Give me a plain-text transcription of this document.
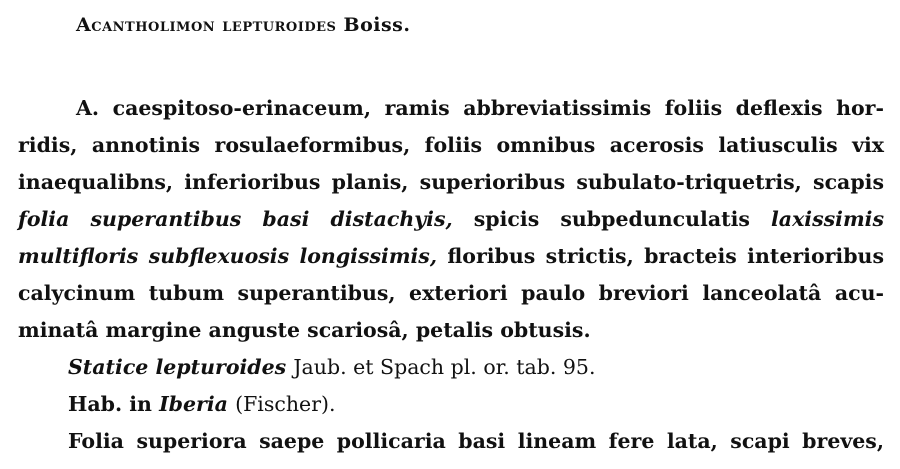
Acantholimon lepturoides Boiss.
A. caespitoso-erinaceum, ramis abbreviatissimis foliis deflexis hor-
ridis, annotinis rosulaeformibus, foliis omnibus acerosis latiusculis vix
inaequalibns, inferioribus planis, superioribus subulato-triquetris, scapis
folia superantibus basi distachyis, spicis subpedunculatis laxissimis
multifloris subflexuosis longissimis, floribus strictis, bracteis interioribus
calycinum tubum superantibus, exteriori paulo breviori lanceolatâ acu-
minatâ margine anguste scariosâ, petalis obtusis.
Statice lepturoides Jaub. et Spach pl. or. tab. 95.
Hab. in Iberia (Fischer).
Folia superiora saepe pollicaria basi lineam fere lata, scapi breves,
